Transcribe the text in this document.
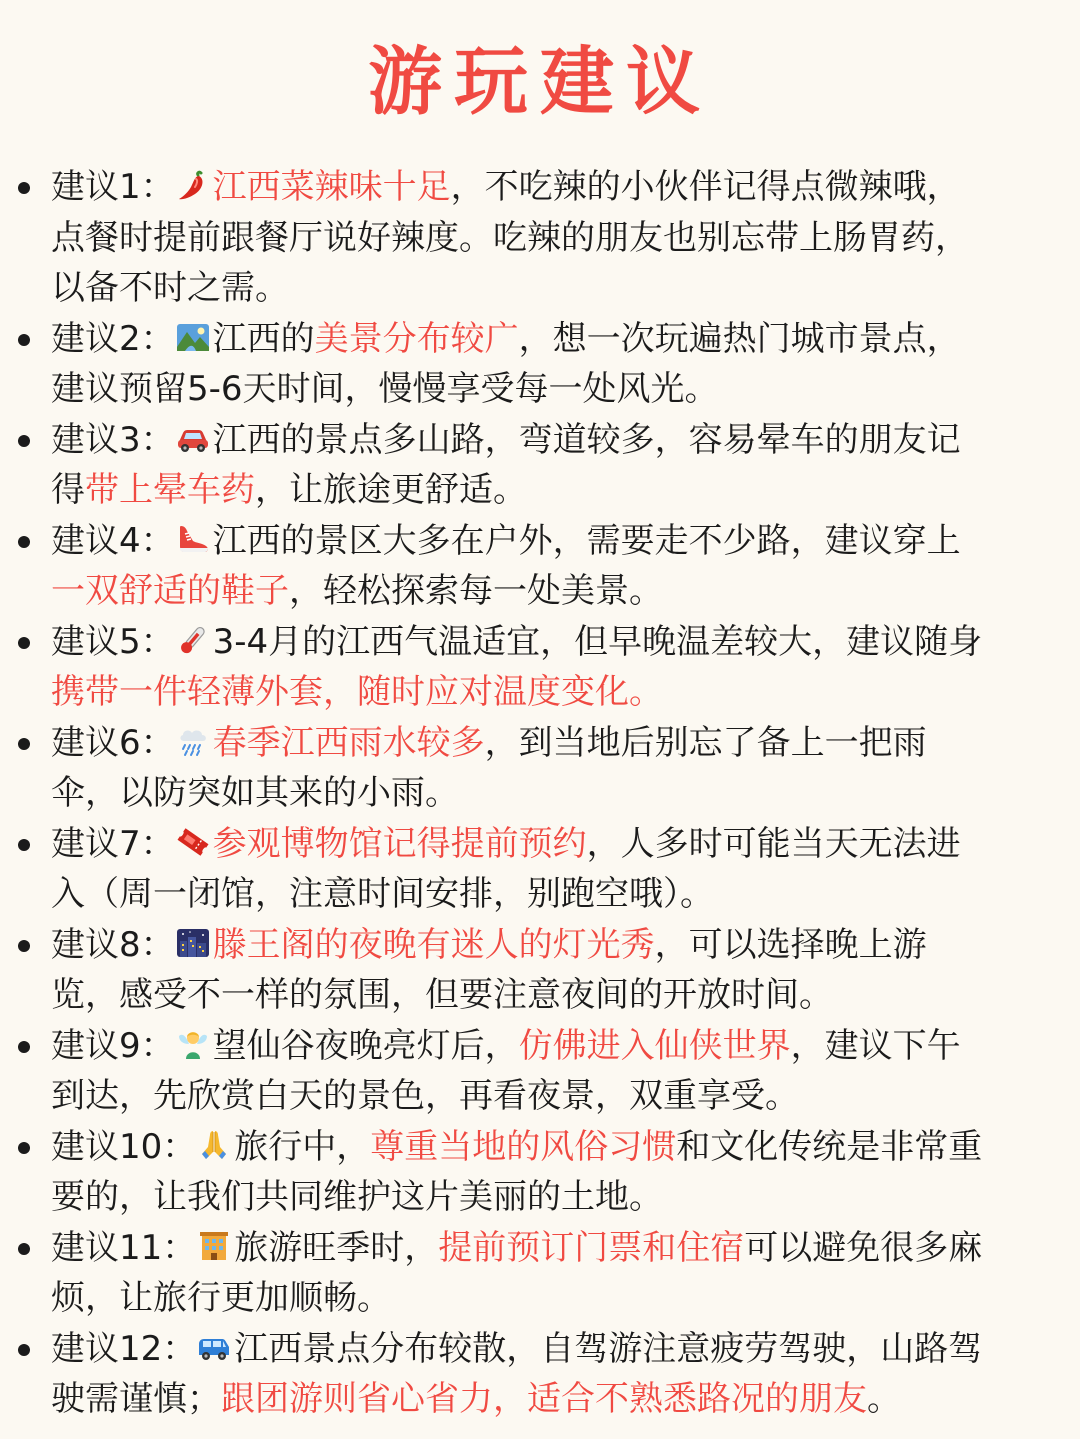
游玩建议
建议1： 江西菜辣味十足，不吃辣的小伙伴记得点微辣哦，
点餐时提前跟餐厅说好辣度。吃辣的朋友也别忘带上肠胃药，
以备不时之需。
建议2： 江西的美景分布较广，想一次玩遍热门城市景点，
建议预留5-6天时间，慢慢享受每一处风光。
建议3： 江西的景点多山路，弯道较多，容易晕车的朋友记
得带上晕车药，让旅途更舒适。
建议4： 江西的景区大多在户外，需要走不少路，建议穿上
一双舒适的鞋子，轻松探索每一处美景。
建议5： 3-4月的江西气温适宜，但早晚温差较大，建议随身
携带一件轻薄外套，随时应对温度变化。
建议6： 春季江西雨水较多，到当地后别忘了备上一把雨
伞，以防突如其来的小雨。
建议7： 参观博物馆记得提前预约，人多时可能当天无法进
入（周一闭馆，注意时间安排，别跑空哦）。
建议8： 滕王阁的夜晚有迷人的灯光秀，可以选择晚上游
览，感受不一样的氛围，但要注意夜间的开放时间。
建议9： 望仙谷夜晚亮灯后，仿佛进入仙侠世界，建议下午
到达，先欣赏白天的景色，再看夜景，双重享受。
建议10： 旅行中，尊重当地的风俗习惯和文化传统是非常重
要的，让我们共同维护这片美丽的土地。
建议11： 旅游旺季时，提前预订门票和住宿可以避免很多麻
烦，让旅行更加顺畅。
建议12： 江西景点分布较散，自驾游注意疲劳驾驶，山路驾
驶需谨慎；跟团游则省心省力，适合不熟悉路况的朋友。
